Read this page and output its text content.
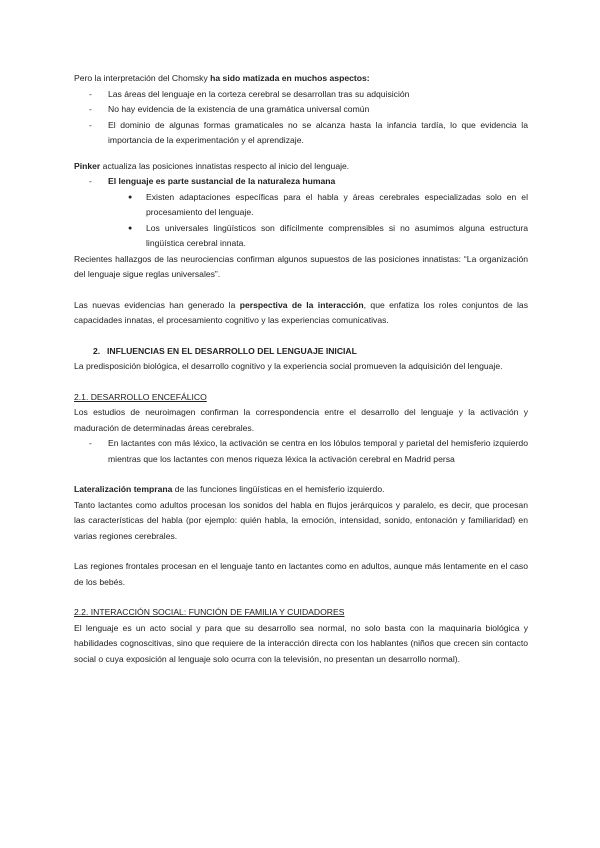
Pero la interpretación del Chomsky ha sido matizada en muchos aspectos:

- Las áreas del lenguaje en la corteza cerebral se desarrollan tras su adquisición
- No hay evidencia de la existencia de una gramática universal común
- El dominio de algunas formas gramaticales no se alcanza hasta la infancia tardía, lo que evidencia la importancia de la experimentación y el aprendizaje.

Pinker actualiza las posiciones innatistas respecto al inicio del lenguaje.

- El lenguaje es parte sustancial de la naturaleza humana
● Existen adaptaciones específicas para el habla y áreas cerebrales especializadas solo en el procesamiento del lenguaje.
● Los universales lingüísticos son difícilmente comprensibles si no asumimos alguna estructura lingüística cerebral innata.

Recientes hallazgos de las neurociencias confirman algunos supuestos de las posiciones innatistas: “La organización del lenguaje sigue reglas universales”.

Las nuevas evidencias han generado la perspectiva de la interacción, que enfatiza los roles conjuntos de las capacidades innatas, el procesamiento cognitivo y las experiencias comunicativas.

2. INFLUENCIAS EN EL DESARROLLO DEL LENGUAJE INICIAL

La predisposición biológica, el desarrollo cognitivo y la experiencia social promueven la adquisición del lenguaje.

2.1. DESARROLLO ENCEFÁLICO

Los estudios de neuroimagen confirman la correspondencia entre el desarrollo del lenguaje y la activación y maduración de determinadas áreas cerebrales.

- En lactantes con más léxico, la activación se centra en los lóbulos temporal y parietal del hemisferio izquierdo mientras que los lactantes con menos riqueza léxica la activación cerebral en Madrid persa

Lateralización temprana de las funciones lingüísticas en el hemisferio izquierdo.

Tanto lactantes como adultos procesan los sonidos del habla en flujos jerárquicos y paralelo, es decir, que procesan las características del habla (por ejemplo: quién habla, la emoción, intensidad, sonido, entonación y familiaridad) en varias regiones cerebrales.

Las regiones frontales procesan en el lenguaje tanto en lactantes como en adultos, aunque más lentamente en el caso de los bebés.

2.2. INTERACCIÓN SOCIAL: FUNCIÓN DE FAMILIA Y CUIDADORES

El lenguaje es un acto social y para que su desarrollo sea normal, no solo basta con la maquinaria biológica y habilidades cognoscitivas, sino que requiere de la interacción directa con los hablantes (niños que crecen sin contacto social o cuya exposición al lenguaje solo ocurra con la televisión, no presentan un desarrollo normal).
